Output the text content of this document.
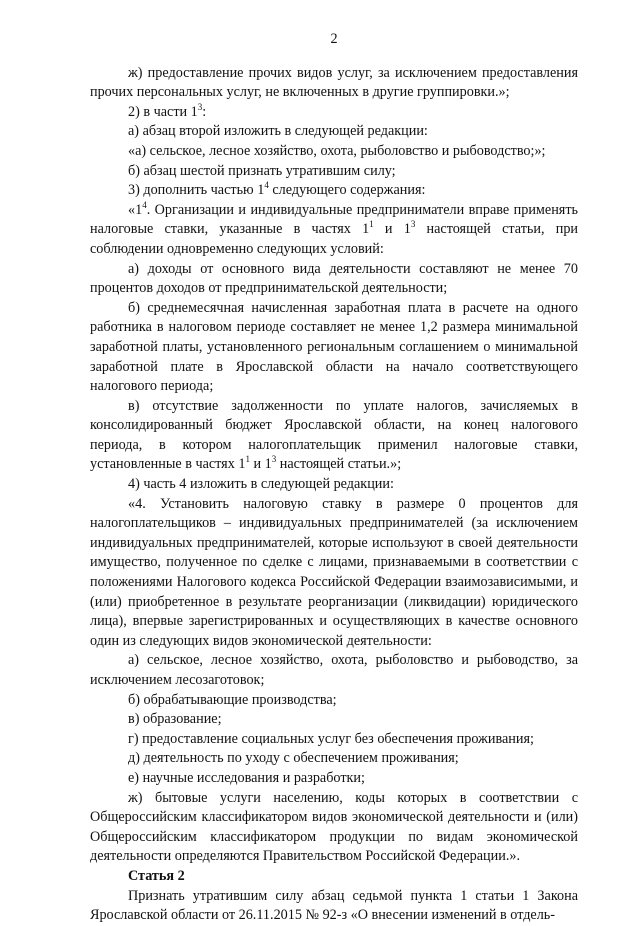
2

ж) предоставление прочих видов услуг, за исключением предоставления прочих персональных услуг, не включенных в другие группировки.»;

2) в части $1^3$:

а) абзац второй изложить в следующей редакции:

«а) сельское, лесное хозяйство, охота, рыболовство и рыбоводство;»;

б) абзац шестой признать утратившим силу;

3) дополнить частью $1^4$ следующего содержания:

«$1^4$. Организации и индивидуальные предприниматели вправе применять налоговые ставки, указанные в частях $1^1$ и $1^3$ настоящей статьи, при соблюдении одновременно следующих условий:

а) доходы от основного вида деятельности составляют не менее 70 процентов доходов от предпринимательской деятельности;

б) среднемесячная начисленная заработная плата в расчете на одного работника в налоговом периоде составляет не менее 1,2 размера минимальной заработной платы, установленного региональным соглашением о минимальной заработной плате в Ярославской области на начало соответствующего налогового периода;

в) отсутствие задолженности по уплате налогов, зачисляемых в консолидированный бюджет Ярославской области, на конец налогового периода, в котором налогоплательщик применил налоговые ставки, установленные в частях $1^1$ и $1^3$ настоящей статьи.»;

4) часть 4 изложить в следующей редакции:

«4. Установить налоговую ставку в размере 0 процентов для налогоплательщиков – индивидуальных предпринимателей (за исключением индивидуальных предпринимателей, которые используют в своей деятельности имущество, полученное по сделке с лицами, признаваемыми в соответствии с положениями Налогового кодекса Российской Федерации взаимозависимыми, и (или) приобретенное в результате реорганизации (ликвидации) юридического лица), впервые зарегистрированных и осуществляющих в качестве основного один из следующих видов экономической деятельности:

а) сельское, лесное хозяйство, охота, рыболовство и рыбоводство, за исключением лесозаготовок;

б) обрабатывающие производства;

в) образование;

г) предоставление социальных услуг без обеспечения проживания;

д) деятельность по уходу с обеспечением проживания;

е) научные исследования и разработки;

ж) бытовые услуги населению, коды которых в соответствии с Общероссийским классификатором видов экономической деятельности и (или) Общероссийским классификатором продукции по видам экономической деятельности определяются Правительством Российской Федерации.».

Статья 2

Признать утратившим силу абзац седьмой пункта 1 статьи 1 Закона Ярославской области от 26.11.2015 № 92-з «О внесении изменений в отдель-
